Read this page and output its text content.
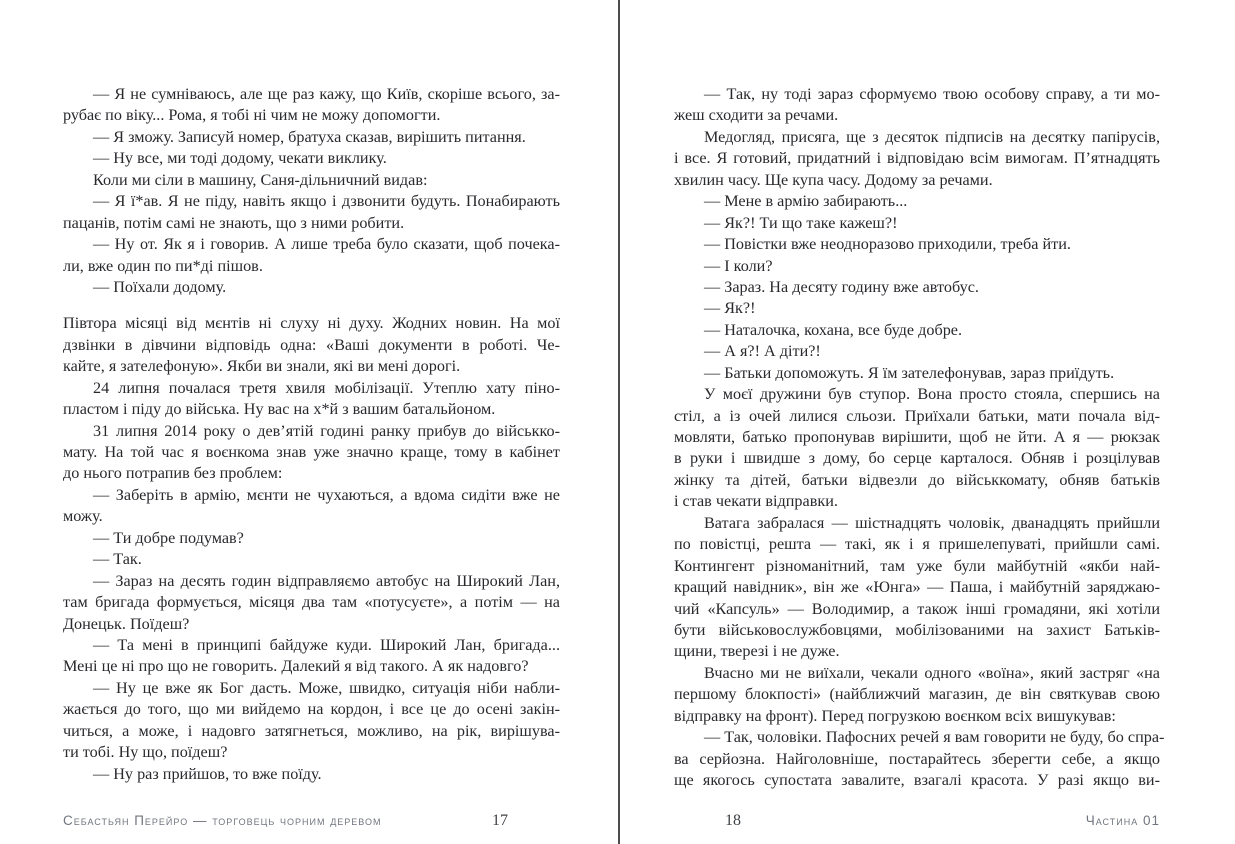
— Я не сумніваюсь, але ще раз кажу, що Київ, скоріше всього, за-
рубає по віку... Рома, я тобі ні чим не можу допомогти.
— Я зможу. Записуй номер, братуха сказав, вирішить питання.
— Ну все, ми тоді додому, чекати виклику.
Коли ми сіли в машину, Саня-дільничний видав:
— Я ї*ав. Я не піду, навіть якщо і дзвонити будуть. Понабирають
пацанів, потім самі не знають, що з ними робити.
— Ну от. Як я і говорив. А лише треба було сказати, щоб почека-
ли, вже один по пи*ді пішов.
— Поїхали додому.
Півтора місяці від мєнтів ні слуху ні духу. Жодних новин. На мої
дзвінки в дівчини відповідь одна: «Ваші документи в роботі. Че-
кайте, я зателефоную». Якби ви знали, які ви мені дорогі.
24 липня почалася третя хвиля мобілізації. Утеплю хату піно-
пластом і піду до війська. Ну вас на х*й з вашим батальйоном.
31 липня 2014 року о дев’ятій годині ранку прибув до військко-
мату. На той час я воєнкома знав уже значно краще, тому в кабінет
до нього потрапив без проблем:
— Заберіть в армію, мєнти не чухаються, а вдома сидіти вже не
можу.
— Ти добре подумав?
— Так.
— Зараз на десять годин відправляємо автобус на Широкий Лан,
там бригада формується, місяця два там «потусуєте», а потім — на
Донецьк. Поїдеш?
— Та мені в принципі байдуже куди. Широкий Лан, бригада...
Мені це ні про що не говорить. Далекий я від такого. А як надовго?
— Ну це вже як Бог дасть. Може, швидко, ситуація ніби набли-
жається до того, що ми вийдемо на кордон, і все це до осені закін-
читься, а може, і надовго затягнеться, можливо, на рік, вирішува-
ти тобі. Ну що, поїдеш?
— Ну раз прийшов, то вже поїду.
Себастьян Перейро — торговець чорним деревом	17
— Так, ну тоді зараз сформуємо твою особову справу, а ти мо-
жеш сходити за речами.
Медогляд, присяга, ще з десяток підписів на десятку папірусів,
і все. Я готовий, придатний і відповідаю всім вимогам. П’ятнадцять
хвилин часу. Ще купа часу. Додому за речами.
— Мене в армію забирають...
— Як?! Ти що таке кажеш?!
— Повістки вже неодноразово приходили, треба йти.
— І коли?
— Зараз. На десяту годину вже автобус.
— Як?!
— Наталочка, кохана, все буде добре.
— А я?! А діти?!
— Батьки допоможуть. Я їм зателефонував, зараз приїдуть.
У моєї дружини був ступор. Вона просто стояла, спершись на
стіл, а із очей лилися сльози. Приїхали батьки, мати почала від-
мовляти, батько пропонував вирішити, щоб не йти. А я — рюкзак
в руки і швидше з дому, бо серце карталося. Обняв і розцілував
жінку та дітей, батьки відвезли до військкомату, обняв батьків
і став чекати відправки.
Ватага забралася — шістнадцять чоловік, дванадцять прийшли
по повістці, решта — такі, як і я пришелепуваті, прийшли самі.
Контингент різноманітний, там уже були майбутній «якби най-
кращий навідник», він же «Юнга» — Паша, і майбутній заряджаю-
чий «Капсуль» — Володимир, а також інші громадяни, які хотіли
бути військовослужбовцями, мобілізованими на захист Батьків-
щини, тверезі і не дуже.
Вчасно ми не виїхали, чекали одного «воїна», який застряг «на
першому блокпості» (найближчий магазин, де він святкував свою
відправку на фронт). Перед погрузкою воєнком всіх вишукував:
— Так, чоловіки. Пафосних речей я вам говорити не буду, бо спра-
ва серйозна. Найголовніше, постарайтесь зберегти себе, а якщо
ще якогось супостата завалите, взагалі красота. У разі якщо ви-
18	Частина 01
